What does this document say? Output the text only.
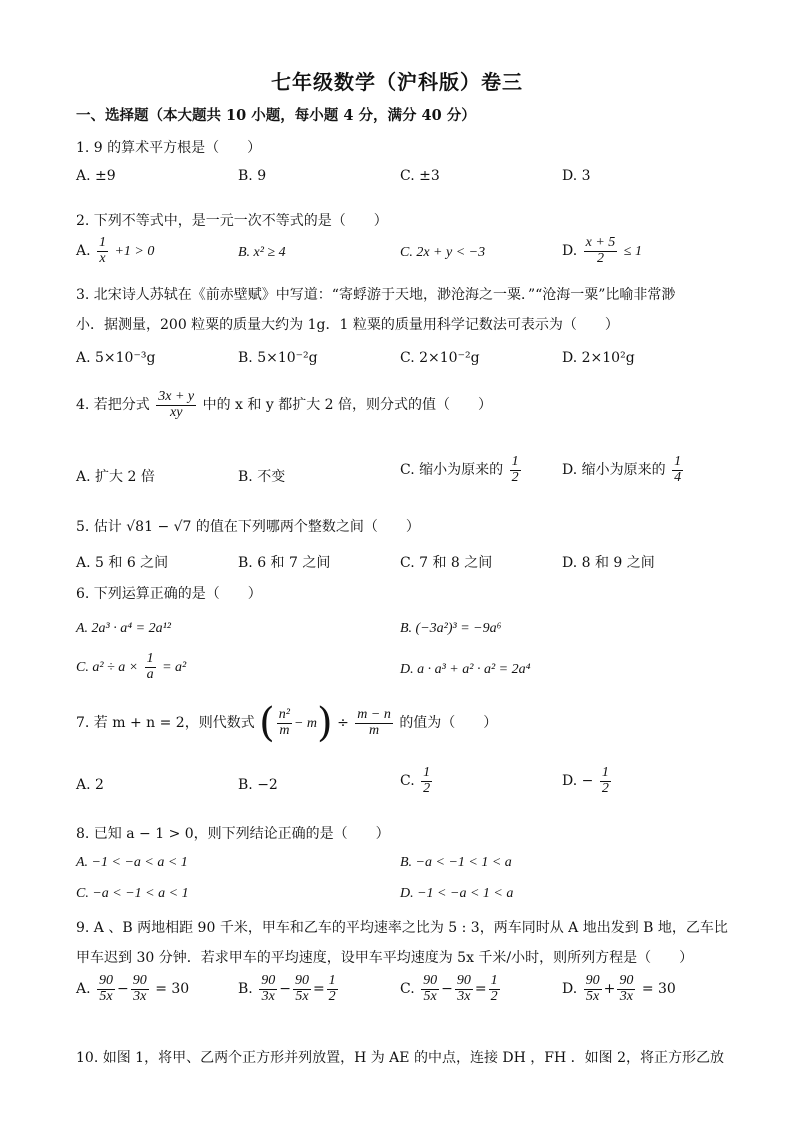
七年级数学（沪科版）卷三
一、选择题（本大题共 10 小题，每小题 4 分，满分 40 分）
1. 9 的算术平方根是（　　）
A. ±9	B. 9	C. ±3	D. 3
2. 下列不等式中，是一元一次不等式的是（　　）
A. $\frac{1}{x} +1 > 0$	B. x² ≥ 4	C. 2x + y < −3	D. $\frac{x + 5}{2} \le 1$
3. 北宋诗人苏轼在《前赤壁赋》中写道：“寄蜉游于天地，渺沧海之一粟．”“沧海一粟”比喻非常渺
小．据测量，200 粒粟的质量大约为 1g．1 粒粟的质量用科学记数法可表示为（　　）
A. 5×10⁻³g	B. 5×10⁻²g	C. 2×10⁻²g	D. 2×10²g
4. 若把分式 $\frac{3x + y}{xy}$ 中的 x 和 y 都扩大 2 倍，则分式的值（　　）
A. 扩大 2 倍	B. 不变	C. 缩小为原来的 $\frac{1}{2}$	D. 缩小为原来的 $\frac{1}{4}$
5. 估计 √81 − √7 的值在下列哪两个整数之间（　　）
A. 5 和 6 之间	B. 6 和 7 之间	C. 7 和 8 之间	D. 8 和 9 之间
6. 下列运算正确的是（　　）
A. 2a³ · a⁴ = 2a¹²	B. (−3a²)³ = −9a⁶
C. $a^2 \div a \times \frac{1}{a} = a^2$	D. a · a³ + a² · a² = 2a⁴
7. 若 m + n = 2，则代数式 ( $\frac{\text{n²}}{m} - m) \div \frac{m - n}{m}$ 的值为（　　）
A. 2	B. −2	C. $\frac{1}{2}$	D. − $\frac{1}{2}$
8. 已知 a − 1 > 0，则下列结论正确的是（　　）
A. −1 < −a < a < 1	B. −a < −1 < 1 < a
C. −a < −1 < a < 1	D. −1 < −a < 1 < a
9. A 、B 两地相距 90 千米，甲车和乙车的平均速率之比为 5 : 3，两车同时从 A 地出发到 B 地，乙车比
甲车迟到 30 分钟．若求甲车的平均速度，设甲车平均速度为 5x 千米/小时，则所列方程是（　　）
A. $\frac{90}{5x} - \frac{90}{3x} = 30$	B. $\frac{90}{3x} - \frac{90}{5x} = \frac{1}{2}$	C. $\frac{90}{5x} - \frac{90}{3x} = \frac{1}{2}$	D. $\frac{90}{5x} + \frac{90}{3x} = 30$
10. 如图 1，将甲、乙两个正方形并列放置，H 为 AE 的中点，连接 DH ，FH ．如图 2，将正方形乙放
